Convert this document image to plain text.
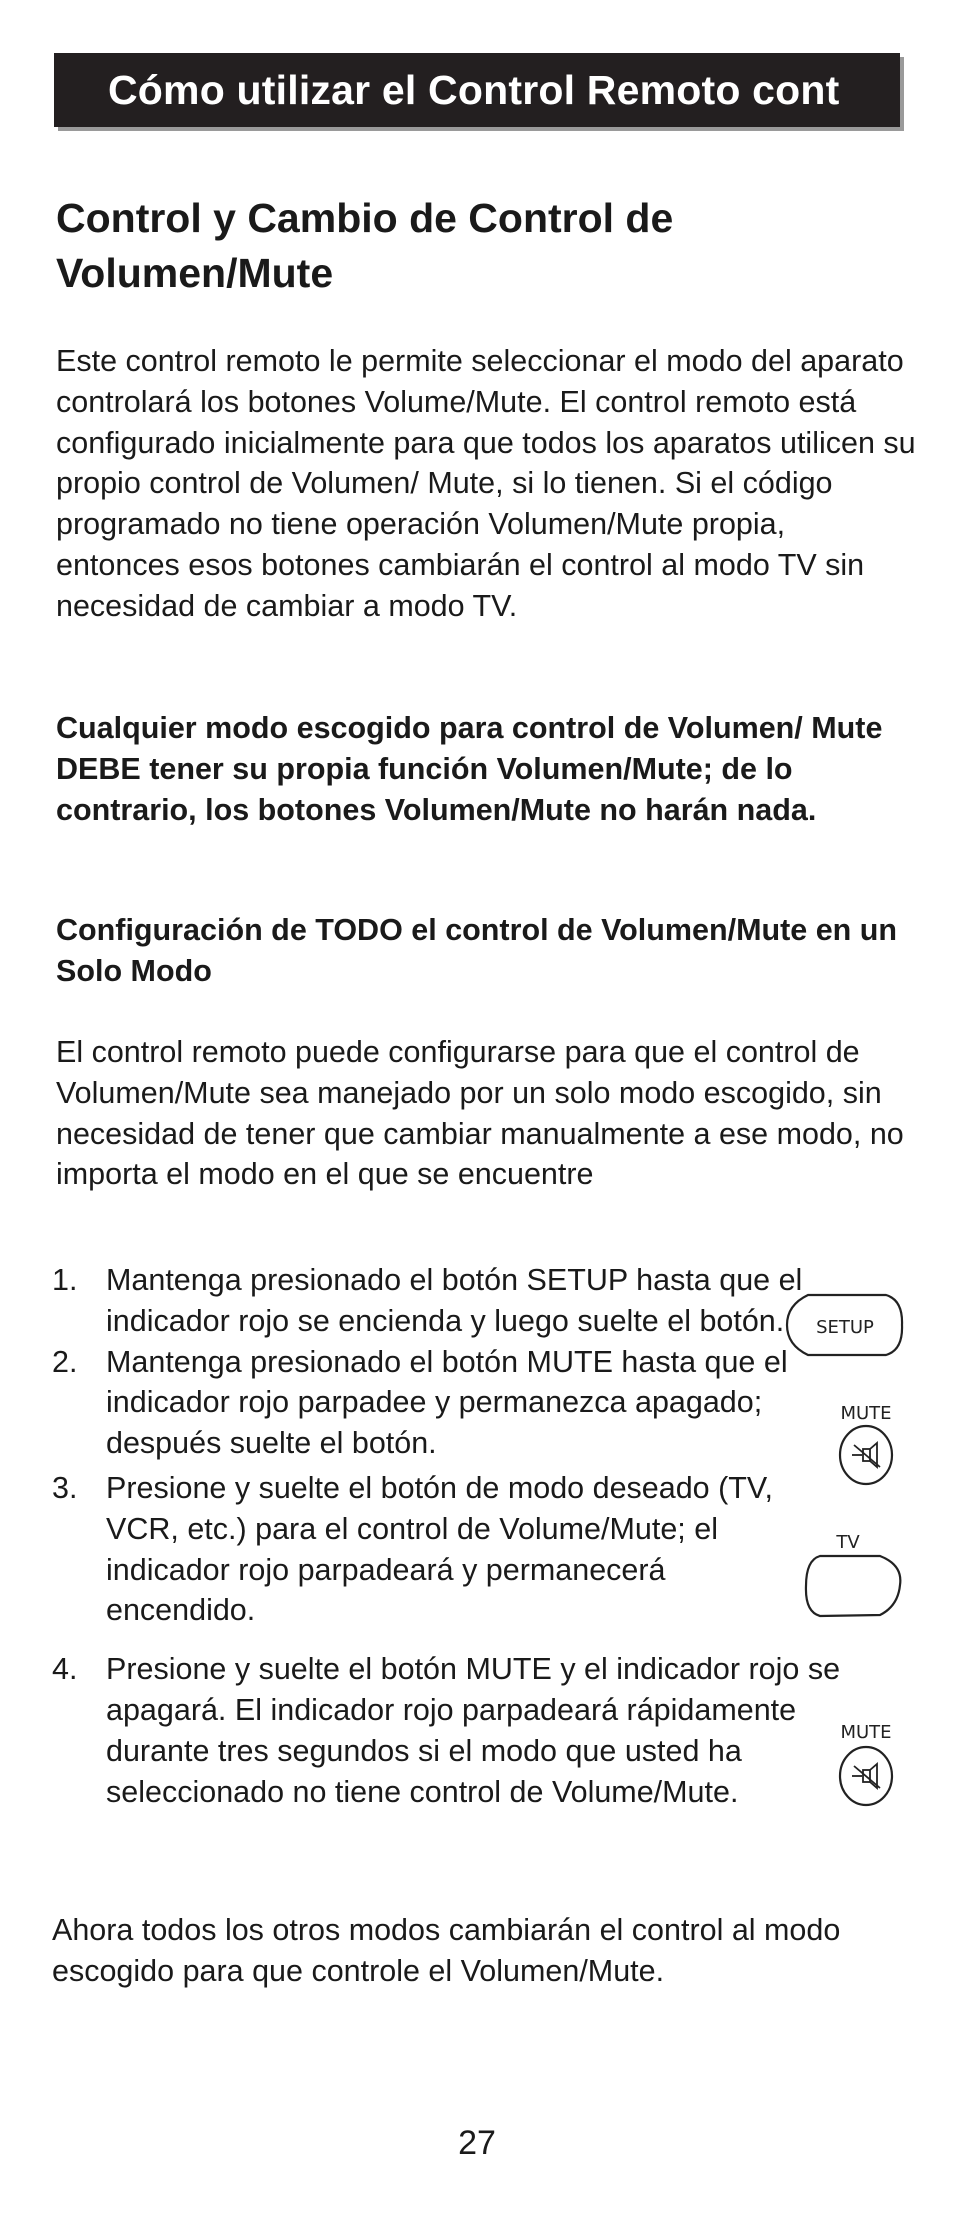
Cómo utilizar el Control Remoto cont
Control y Cambio de Control de Volumen/Mute

Este control remoto le permite seleccionar el modo del aparato controlará los botones Volume/Mute. El control remoto está configurado inicialmente para que todos los aparatos utilicen su propio control de Volumen/ Mute, si lo tienen. Si el código programado no tiene operación Volumen/Mute propia, entonces esos botones cambiarán el control al modo TV sin necesidad de cambiar a modo TV.

Cualquier modo escogido para control de Volumen/ Mute DEBE tener su propia función Volumen/Mute; de lo contrario, los botones Volumen/Mute no harán nada.

Configuración de TODO el control de Volumen/Mute en un Solo Modo

El control remoto puede configurarse para que el control de Volumen/Mute sea manejado por un solo modo escogido, sin necesidad de tener que cambiar manualmente a ese modo, no importa el modo en el que se encuentre

1. Mantenga presionado el botón SETUP hasta que el indicador rojo se encienda y luego suelte el botón.
2. Mantenga presionado el botón MUTE hasta que el indicador rojo parpadee y permanezca apagado; después suelte el botón.
3. Presione y suelte el botón de modo deseado (TV, VCR, etc.) para el control de Volume/Mute; el indicador rojo parpadeará y permanecerá encendido.
4. Presione y suelte el botón MUTE y el indicador rojo se apagará. El indicador rojo parpadeará rápidamente durante tres segundos si el modo que usted ha seleccionado no tiene control de Volume/Mute.
SETUP
MUTE
TV
MUTE

Ahora todos los otros modos cambiarán el control al modo escogido para que controle el Volumen/Mute.

27
